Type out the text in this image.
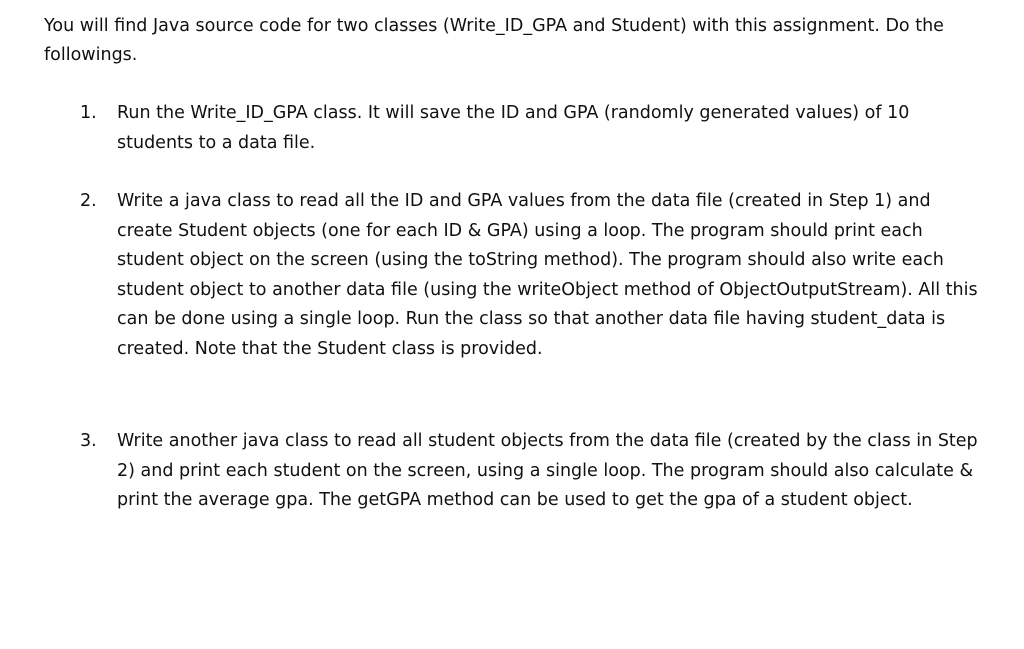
You will find Java source code for two classes (Write_ID_GPA and Student) with this assignment. Do the followings.

1.	Run the Write_ID_GPA class. It will save the ID and GPA (randomly generated values) of 10 students to a data file.
2.	Write a java class to read all the ID and GPA values from the data file (created in Step 1) and create Student objects (one for each ID & GPA) using a loop. The program should print each student object on the screen (using the toString method). The program should also write each student object to another data file (using the writeObject method of ObjectOutputStream). All this can be done using a single loop. Run the class so that another data file having student_data is created. Note that the Student class is provided.
3.	Write another java class to read all student objects from the data file (created by the class in Step 2) and print each student on the screen, using a single loop. The program should also calculate & print the average gpa. The getGPA method can be used to get the gpa of a student object.
